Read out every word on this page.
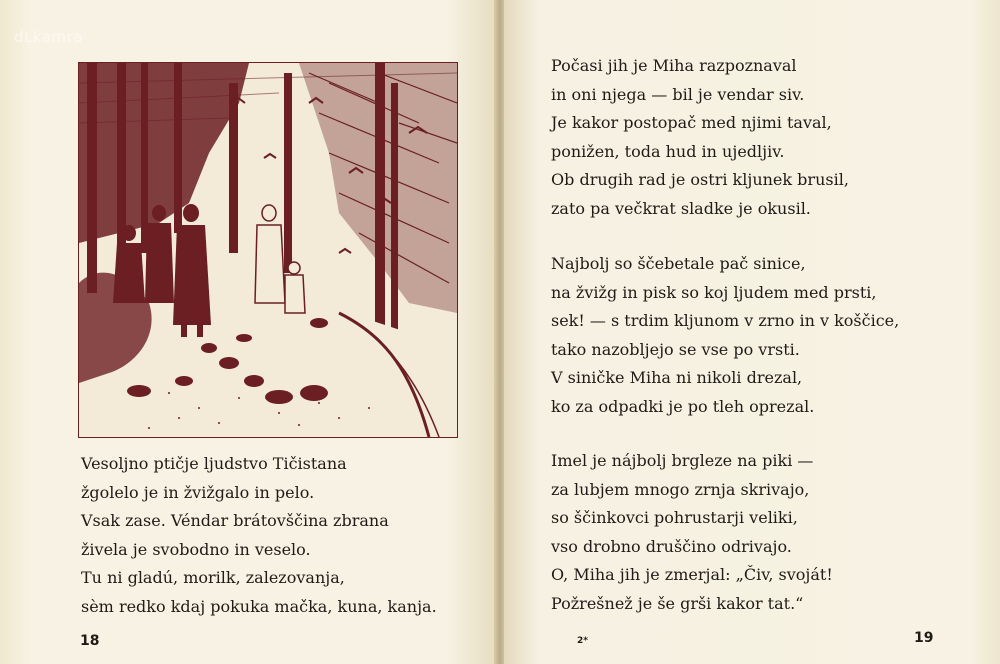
dLkamra
Vesoljno ptičje ljudstvo Tičistana
žgolelo je in žvižgalo in pelo.
Vsak zase. Véndar brátovščina zbrana
živela je svobodno in veselo.
Tu ni gladú, morilk, zalezovanja,
sèm redko kdaj pokuka mačka, kuna, kanja.
18
Počasi jih je Miha razpoznaval
in oni njega — bil je vendar siv.
Je kakor postopač med njimi taval,
ponižen, toda hud in ujedljiv.
Ob drugih rad je ostri kljunek brusil,
zato pa večkrat sladke je okusil.
Najbolj so ščebetale pač sinice,
na žvižg in pisk so koj ljudem med prsti,
sek! — s trdim kljunom v zrno in v koščice,
tako nazobljejo se vse po vrsti.
V siničke Miha ni nikoli drezal,
ko za odpadki je po tleh oprezal.
Imel je nájbolj brgleze na piki —
za lubjem mnogo zrnja skrivajo,
so ščinkovci pohrustarji veliki,
vso drobno druščino odrivajo.
O, Miha jih je zmerjal: „Čiv, svoját!
Požrešnež je še grši kakor tat.“
2*	19
